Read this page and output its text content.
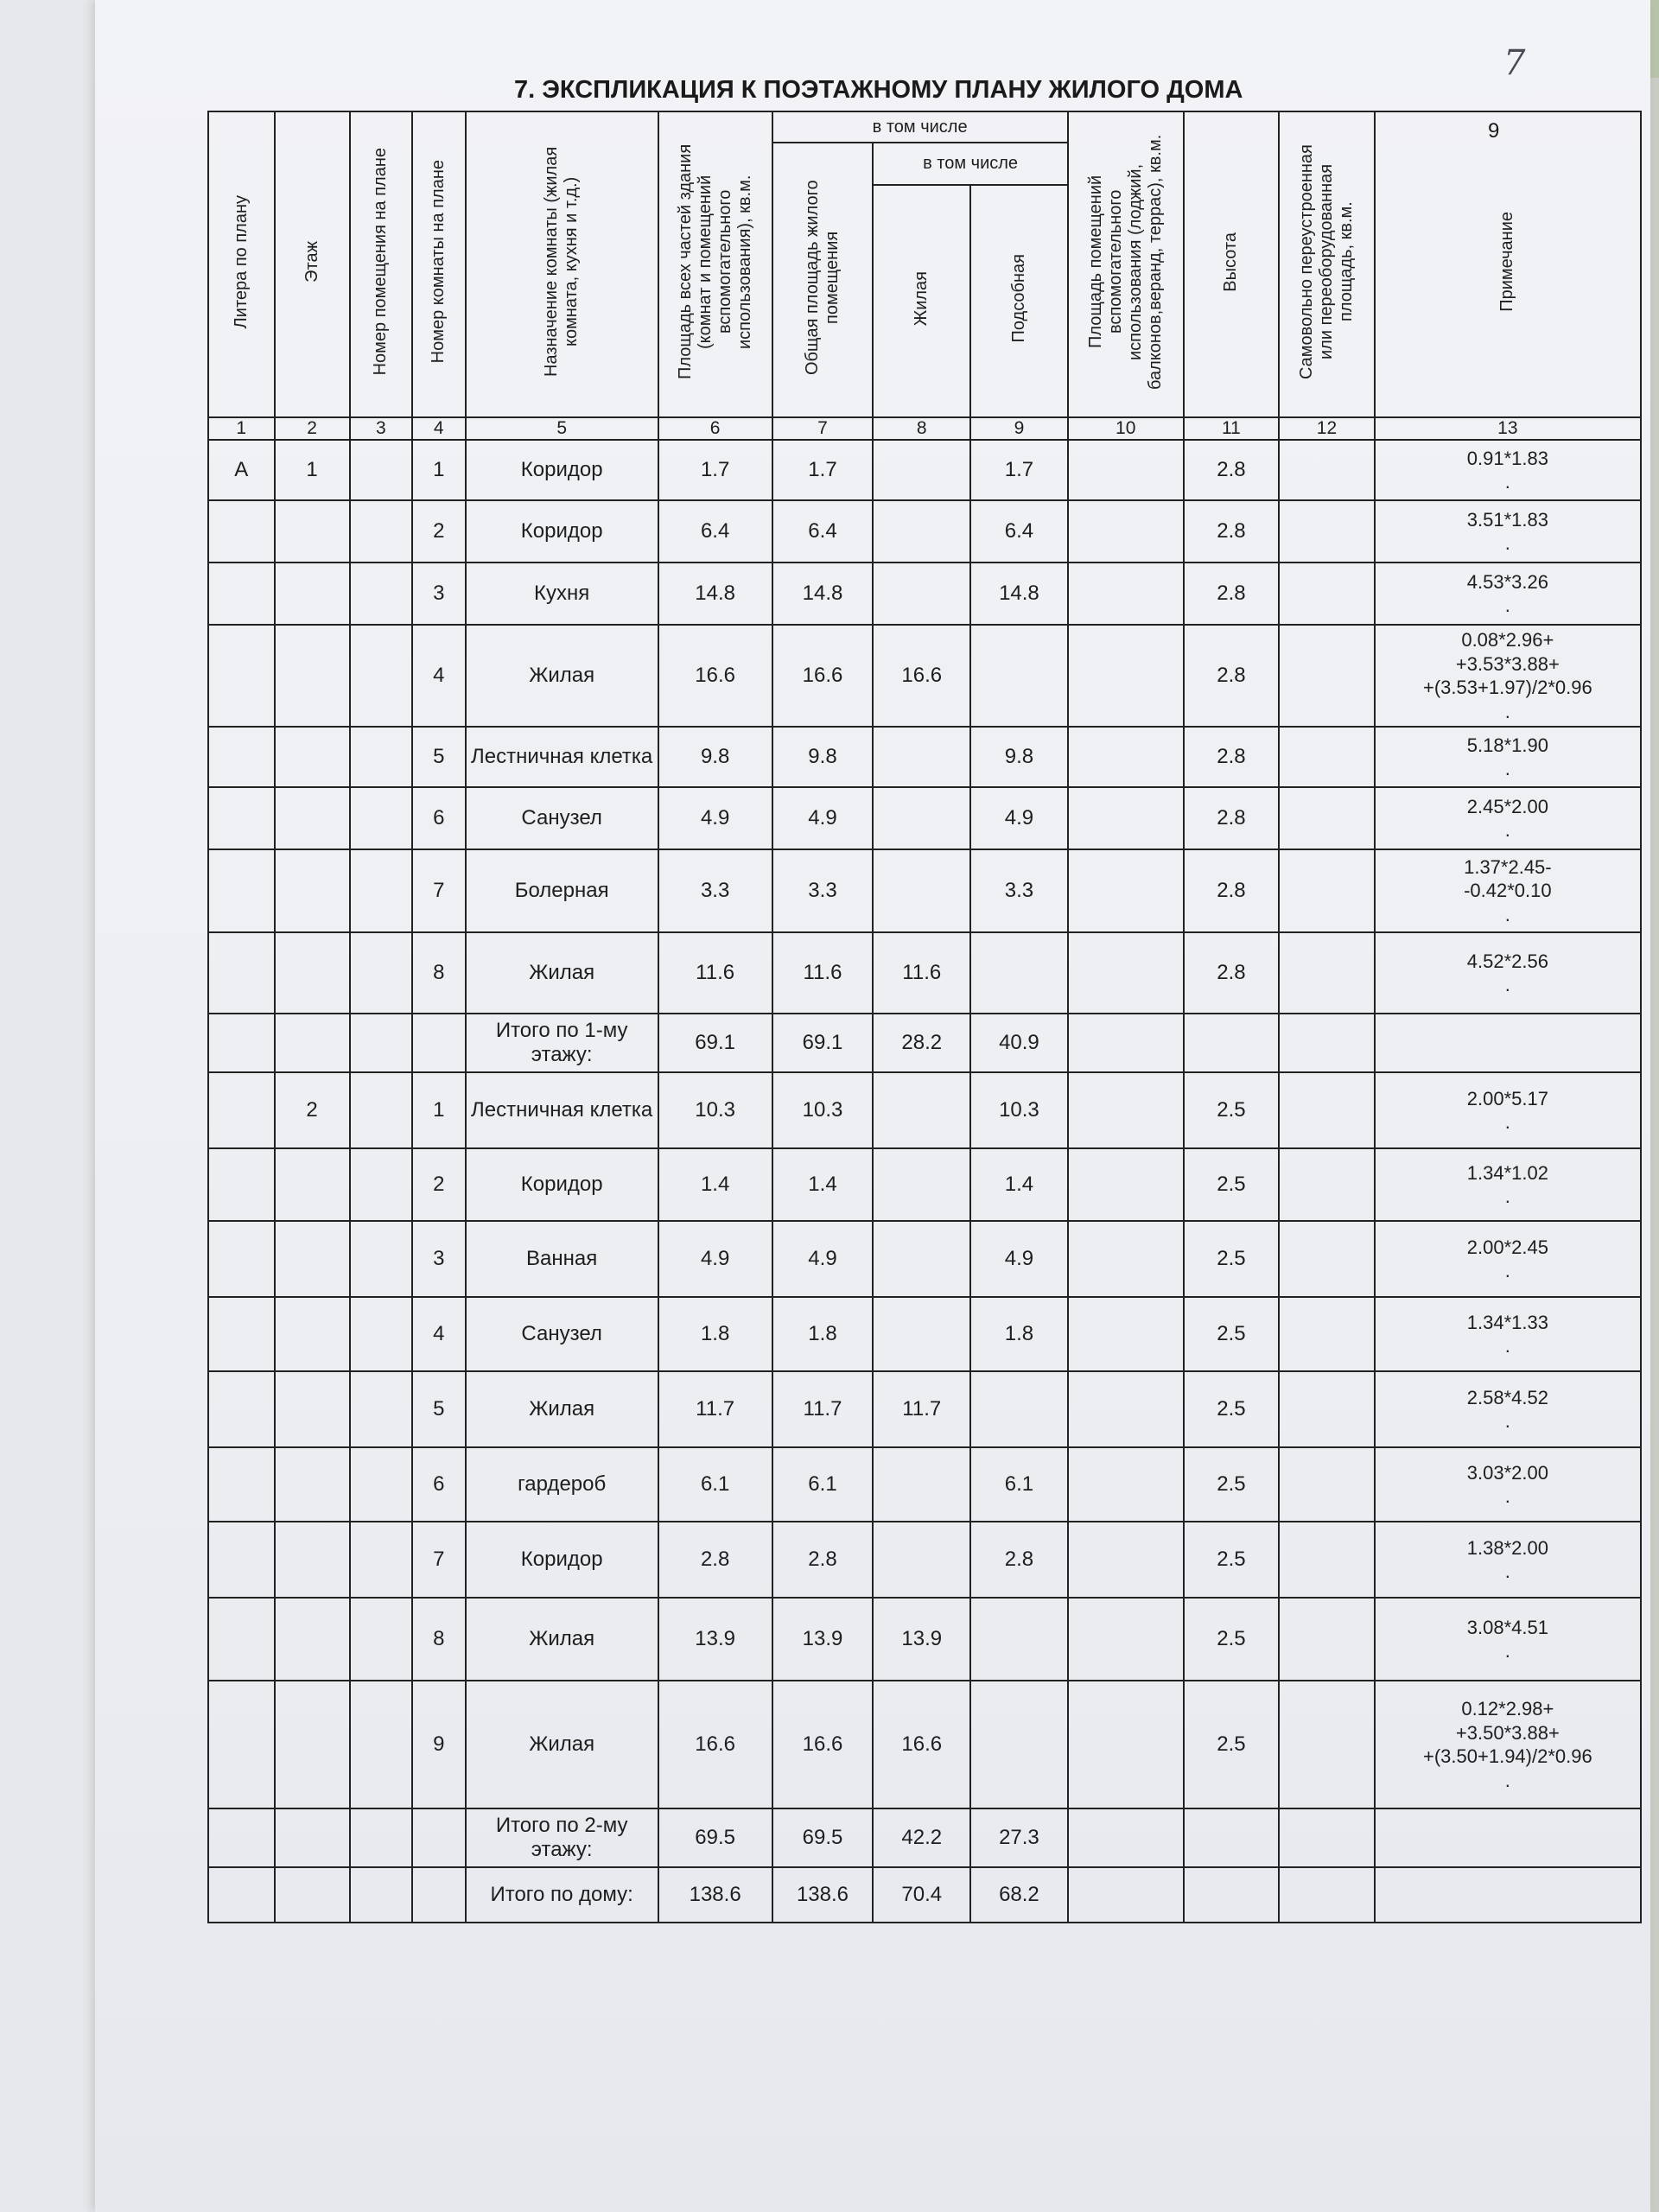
7
7. ЭКСПЛИКАЦИЯ К ПОЭТАЖНОМУ ПЛАНУ ЖИЛОГО ДОМА
9
Литера по плану	Этаж	Номер помещения на плане	Номер комнаты на плане	Назначение комнаты (жилая комната, кухня и т.д.)	Площадь всех частей здания (комнат и помещений вспомогательного использования), кв.м.	в том числе			Площадь помещений вспомогательного использования (лоджий, балконов,веранд, террас), кв.м.	Высота	Самовольно переустроенная или переоборудованная площадь, кв.м.	Примечание
						Общая площадь жилого помещения	в том числе					
							Жилая	Подсобная				
1	2	3	4	5	6	7	8	9	10	11	12	13
А	1		1	Коридор	1.7	1.7		1.7		2.8		0.91*1.83
.
			2	Коридор	6.4	6.4		6.4		2.8		3.51*1.83
.
			3	Кухня	14.8	14.8		14.8		2.8		4.53*3.26
.
			4	Жилая	16.6	16.6	16.6			2.8		0.08*2.96+
+3.53*3.88+
+(3.53+1.97)/2*0.96
.
			5	Лестничная клетка	9.8	9.8		9.8		2.8		5.18*1.90
.
			6	Санузел	4.9	4.9		4.9		2.8		2.45*2.00
.
			7	Болерная	3.3	3.3		3.3		2.8		1.37*2.45-
-0.42*0.10
.
			8	Жилая	11.6	11.6	11.6			2.8		4.52*2.56
.
				Итого по 1-му этажу:	69.1	69.1	28.2	40.9				
	2		1	Лестничная клетка	10.3	10.3		10.3		2.5		2.00*5.17
.
			2	Коридор	1.4	1.4		1.4		2.5		1.34*1.02
.
			3	Ванная	4.9	4.9		4.9		2.5		2.00*2.45
.
			4	Санузел	1.8	1.8		1.8		2.5		1.34*1.33
.
			5	Жилая	11.7	11.7	11.7			2.5		2.58*4.52
.
			6	гардероб	6.1	6.1		6.1		2.5		3.03*2.00
.
			7	Коридор	2.8	2.8		2.8		2.5		1.38*2.00
.
			8	Жилая	13.9	13.9	13.9			2.5		3.08*4.51
.
			9	Жилая	16.6	16.6	16.6			2.5		0.12*2.98+
+3.50*3.88+
+(3.50+1.94)/2*0.96
.
				Итого по 2-му этажу:	69.5	69.5	42.2	27.3				
				Итого по дому:	138.6	138.6	70.4	68.2				
